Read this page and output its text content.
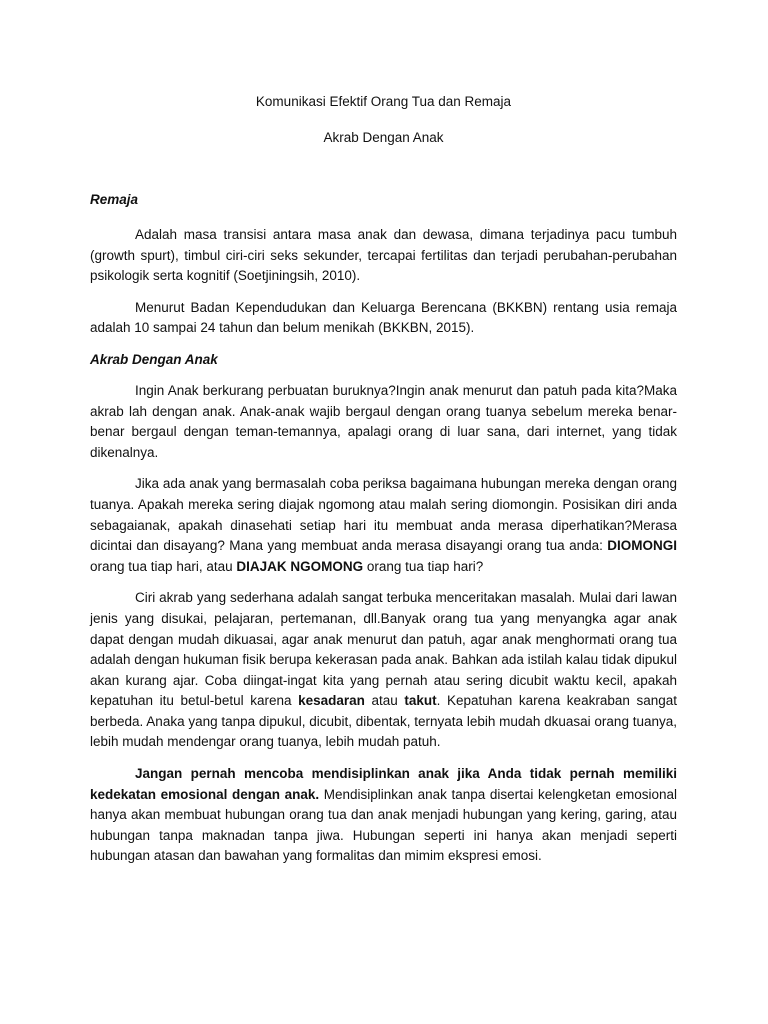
Komunikasi Efektif Orang Tua dan Remaja

Akrab Dengan Anak

Remaja

Adalah masa transisi antara masa anak dan dewasa, dimana terjadinya pacu tumbuh (growth spurt), timbul ciri-ciri seks sekunder, tercapai fertilitas dan terjadi perubahan-perubahan psikologik serta kognitif (Soetjiningsih, 2010).

Menurut Badan Kependudukan dan Keluarga Berencana (BKKBN) rentang usia remaja adalah 10 sampai 24 tahun dan belum menikah (BKKBN, 2015).

Akrab Dengan Anak

Ingin Anak berkurang perbuatan buruknya?Ingin anak menurut dan patuh pada kita?Maka akrab lah dengan anak. Anak-anak wajib bergaul dengan orang tuanya sebelum mereka benar-benar bergaul dengan teman-temannya, apalagi orang di luar sana, dari internet, yang tidak dikenalnya.

Jika ada anak yang bermasalah coba periksa bagaimana hubungan mereka dengan orang tuanya. Apakah mereka sering diajak ngomong atau malah sering diomongin. Posisikan diri anda sebagaianak, apakah dinasehati setiap hari itu membuat anda merasa diperhatikan?Merasa dicintai dan disayang? Mana yang membuat anda merasa disayangi orang tua anda: DIOMONGI orang tua tiap hari, atau DIAJAK NGOMONG orang tua tiap hari?

Ciri akrab yang sederhana adalah sangat terbuka menceritakan masalah. Mulai dari lawan jenis yang disukai, pelajaran, pertemanan, dll.Banyak orang tua yang menyangka agar anak dapat dengan mudah dikuasai, agar anak menurut dan patuh, agar anak menghormati orang tua adalah dengan hukuman fisik berupa kekerasan pada anak. Bahkan ada istilah kalau tidak dipukul akan kurang ajar. Coba diingat-ingat kita yang pernah atau sering dicubit waktu kecil, apakah kepatuhan itu betul-betul karena kesadaran atau takut. Kepatuhan karena keakraban sangat berbeda. Anaka yang tanpa dipukul, dicubit, dibentak, ternyata lebih mudah dkuasai orang tuanya, lebih mudah mendengar orang tuanya, lebih mudah patuh.

Jangan pernah mencoba mendisiplinkan anak jika Anda tidak pernah memiliki kedekatan emosional dengan anak. Mendisiplinkan anak tanpa disertai kelengketan emosional hanya akan membuat hubungan orang tua dan anak menjadi hubungan yang kering, garing, atau hubungan tanpa maknadan tanpa jiwa. Hubungan seperti ini hanya akan menjadi seperti hubungan atasan dan bawahan yang formalitas dan mimim ekspresi emosi.
